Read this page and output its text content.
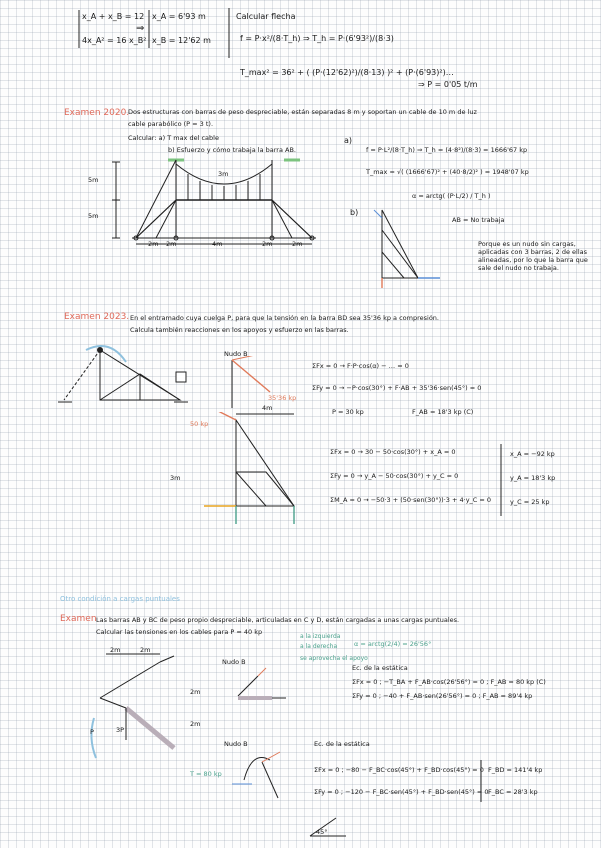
x_A + x_B = 12
4x_A² = 16 x_B²
⇒
x_A = 6'93 m
x_B = 12'62 m
Calcular flecha
f = P·x²/(8·T_h) ⇒ T_h = P·(6'93²)/(8·3)
T_max² = 36² + ( (P·(12'62)²)/(8·13) )² + (P·(6'93)²)…
⇒ P = 0'05 t/m
Examen 2020.
Dos estructuras con barras de peso despreciable, están separadas 8 m y soportan un cable de 10 m de luz
cable parabólico (P = 3 t).
Calcular: a) T max del cable
b) Esfuerzo y cómo trabaja la barra AB.
5m
5m
2m 2m	4m	2m	2m
3m
a)
f = P·L²/(8·T_h) ⇒ T_h = (4·8²)/(8·3) = 1666'67 kp
T_max = √( (1666'67)² + (40·8/2)² ) = 1948'07 kp
α = arctg( (P·L/2) / T_h )
b)
AB = No trabaja
Porque es un nudo sin cargas, aplicadas con 3 barras, 2 de ellas alineadas, por lo que la barra que sale del nudo no trabaja.
Examen 2023. En el entramado cuya cuelga P, para que la tensión en la barra BD sea 35'36 kp a compresión.
Calcula también reacciones en los apoyos y esfuerzo en las barras.
Nudo B
35'36 kp
ΣFx = 0 → F·P·cos(α) − … = 0
ΣFy = 0 → −P·cos(30°) + F·AB + 35'36·sen(45°) = 0
P = 30 kp	F_AB = 18'3 kp (C)
50 kp
3m
4m
ΣFx = 0 → 30 − 50·cos(30°) + x_A = 0
ΣFy = 0 → y_A − 50·cos(30°) + y_C = 0
ΣM_A = 0 → −50·3 + (50·sen(30°))·3 + 4·y_C = 0
x_A = −92 kp
y_A = 18'3 kp
y_C = 25 kp
Otro condición a cargas puntuales
Examen Las barras AB y BC de peso propio despreciable, articuladas en C y D, están cargadas a unas cargas puntuales.
Calcular las tensiones en los cables para P = 40 kp
a la izquierda
a la derecha
se aprovecha el apoyo
α = arctg(2/4) = 26'56°
2m	2m
2m
2m
P	3P
Nudo B
Ec. de la estática
ΣFx = 0 ; −T_BA + F_AB·cos(26'56°) = 0 ; F_AB = 80 kp (C)
ΣFy = 0 ; −40 + F_AB·sen(26'56°) = 0 ; F_AB = 89'4 kp
Nudo B
T = 80 kp
Ec. de la estática
ΣFx = 0 ; −80 − F_BC·cos(45°) + F_BD·cos(45°) = 0
ΣFy = 0 ; −120 − F_BC·sen(45°) + F_BD·sen(45°) = 0
F_BD = 141'4 kp
F_BC = 28'3 kp
45°
